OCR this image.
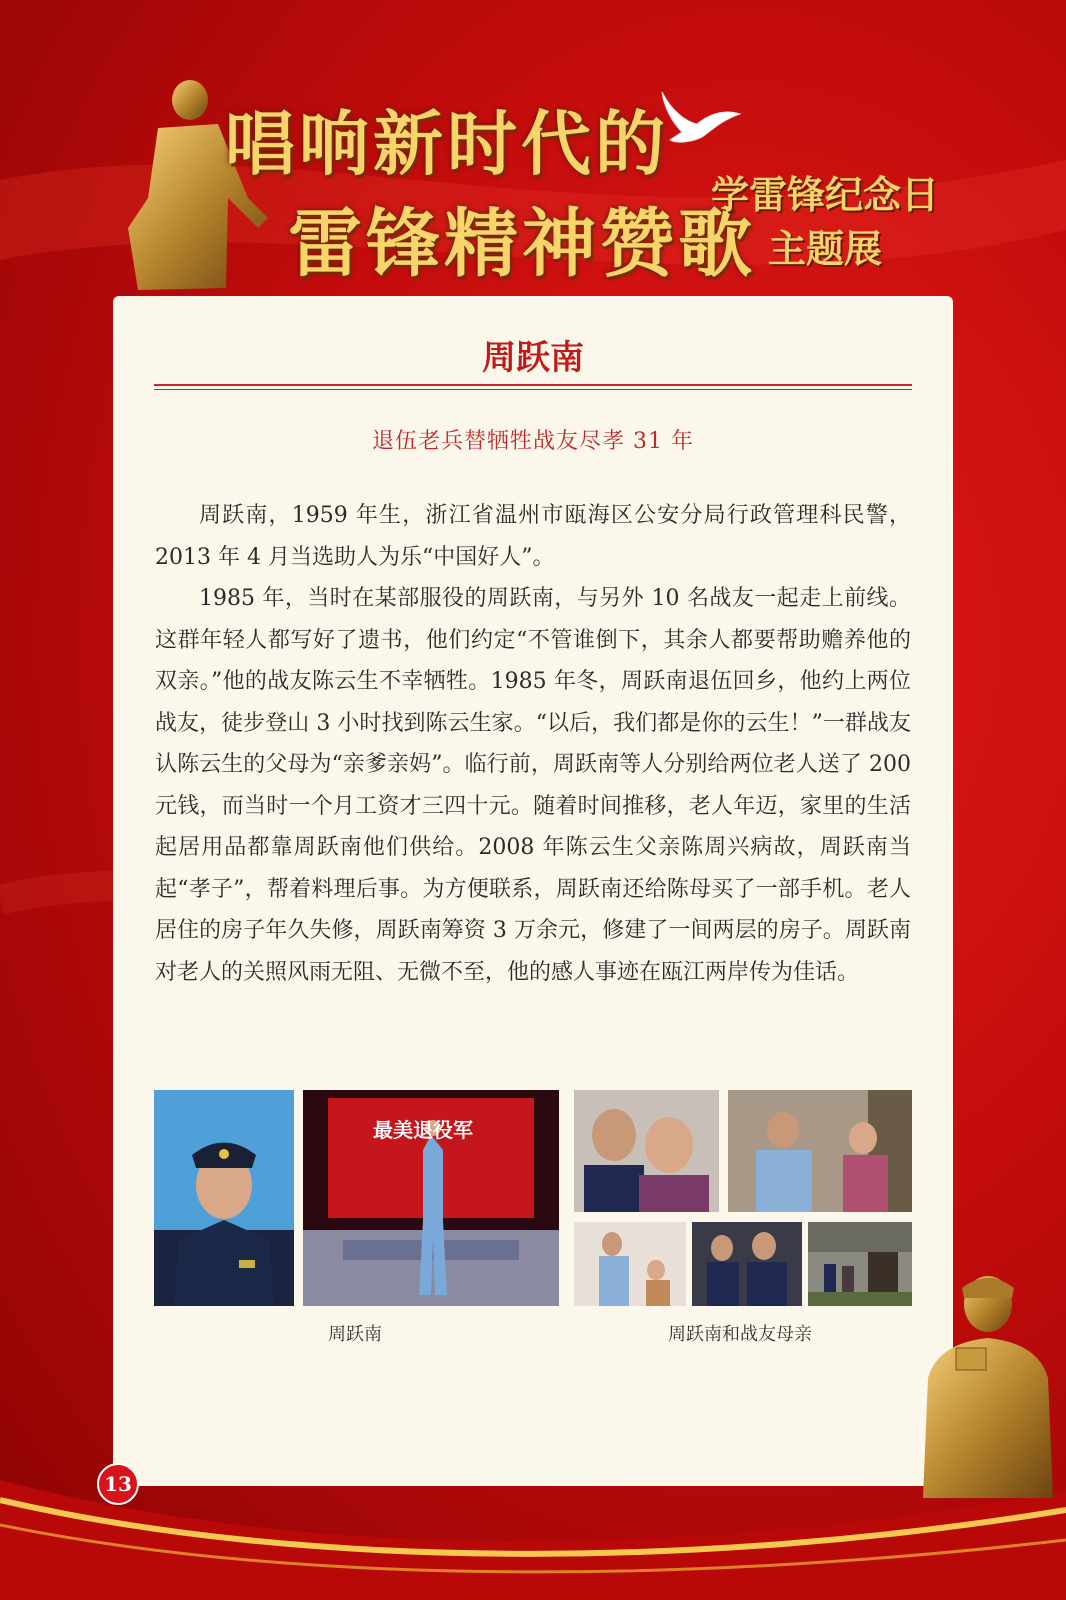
唱响新时代的
雷锋精神赞歌
学雷锋纪念日
主题展
周跃南
退伍老兵替牺牲战友尽孝 31 年

周跃南，1959 年生，浙江省温州市瓯海区公安分局行政管理科民警，2013 年 4 月当选助人为乐“中国好人”。

1985 年，当时在某部服役的周跃南，与另外 10 名战友一起走上前线。这群年轻人都写好了遗书，他们约定“不管谁倒下，其余人都要帮助赡养他的双亲。”他的战友陈云生不幸牺牲。1985 年冬，周跃南退伍回乡，他约上两位战友，徒步登山 3 小时找到陈云生家。“以后，我们都是你的云生！”一群战友认陈云生的父母为“亲爹亲妈”。临行前，周跃南等人分别给两位老人送了 200 元钱，而当时一个月工资才三四十元。随着时间推移，老人年迈，家里的生活起居用品都靠周跃南他们供给。2008 年陈云生父亲陈周兴病故，周跃南当起“孝子”，帮着料理后事。为方便联系，周跃南还给陈母买了一部手机。老人居住的房子年久失修，周跃南筹资 3 万余元，修建了一间两层的房子。周跃南对老人的关照风雨无阻、无微不至，他的感人事迹在瓯江两岸传为佳话。

最美退役军
周跃南	周跃南和战友母亲
13
